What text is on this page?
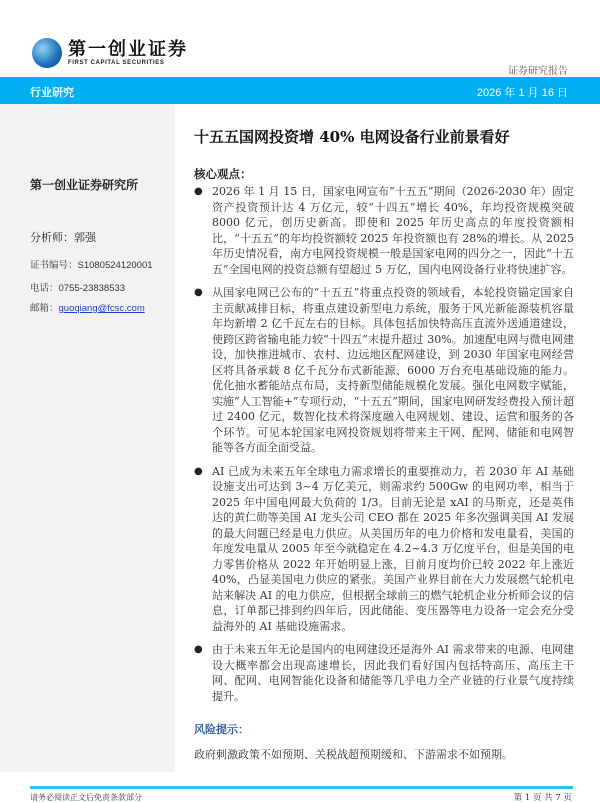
第一创业证券
FIRST CAPITAL SECURITIES
证券研究报告
行业研究	2026 年 1 月 16 日
第一创业证券研究所
分析师：郭强
证书编号：S1080524120001
电话：0755-23838533
邮箱：guoqiang@fcsc.com
十五五国网投资增 40% 电网设备行业前景看好
核心观点：
● 2026 年 1 月 15 日，国家电网宣布“十五五”期间（2026-2030 年）固定资产投资预计达 4 万亿元，较“十四五”增长 40%，年均投资规模突破 8000 亿元，创历史新高。即使和 2025 年历史高点的年度投资额相比，“十五五”的年均投资额较 2025 年投资额也有 28%的增长。从 2025 年历史情况看，南方电网投资规模一般是国家电网的四分之一，因此“十五五”全国电网的投资总额有望超过 5 万亿，国内电网设备行业将快速扩容。
● 从国家电网已公布的“十五五”将重点投资的领域看，本轮投资锚定国家自主贡献减排目标，将重点建设新型电力系统，服务于风光新能源装机容量年均新增 2 亿千瓦左右的目标。具体包括加快特高压直流外送通道建设，使跨区跨省输电能力较“十四五”末提升超过 30%。加速配电网与微电网建设，加快推进城市、农村、边远地区配网建设，到 2030 年国家电网经营区将具备承载 8 亿千瓦分布式新能源、6000 万台充电基础设施的能力。优化抽水蓄能站点布局，支持新型储能规模化发展。强化电网数字赋能，实施“人工智能+”专项行动，“十五五”期间，国家电网研发经费投入预计超过 2400 亿元，数智化技术将深度融入电网规划、建设、运营和服务的各个环节。可见本轮国家电网投资规划将带来主干网、配网、储能和电网智能等各方面全面受益。
● AI 已成为未来五年全球电力需求增长的重要推动力，若 2030 年 AI 基础设施支出可达到 3~4 万亿美元，则需求约 500Gw 的电网功率，相当于 2025 年中国电网最大负荷的 1/3。目前无论是 xAI 的马斯克，还是英伟达的黄仁勋等美国 AI 龙头公司 CEO 都在 2025 年多次强调美国 AI 发展的最大问题已经是电力供应。从美国历年的电力价格和发电量看，美国的年度发电量从 2005 年至今就稳定在 4.2~4.3 万亿度平台，但是美国的电力零售价格从 2022 年开始明显上涨，目前月度均价已较 2022 年上涨近 40%，凸显美国电力供应的紧张。美国产业界目前在大力发展燃气轮机电站来解决 AI 的电力供应，但根据全球前三的燃气轮机企业分析师会议的信息，订单都已排到约四年后，因此储能、变压器等电力设备一定会充分受益海外的 AI 基础设施需求。
● 由于未来五年无论是国内的电网建设还是海外 AI 需求带来的电源、电网建设大概率都会出现高速增长，因此我们看好国内包括特高压、高压主干网、配网、电网智能化设备和储能等几乎电力全产业链的行业景气度持续提升。
风险提示：
政府刺激政策不如预期、关税战超预期缓和、下游需求不如预期。
请务必阅读正文后免责条款部分	第 1 页 共 7 页
